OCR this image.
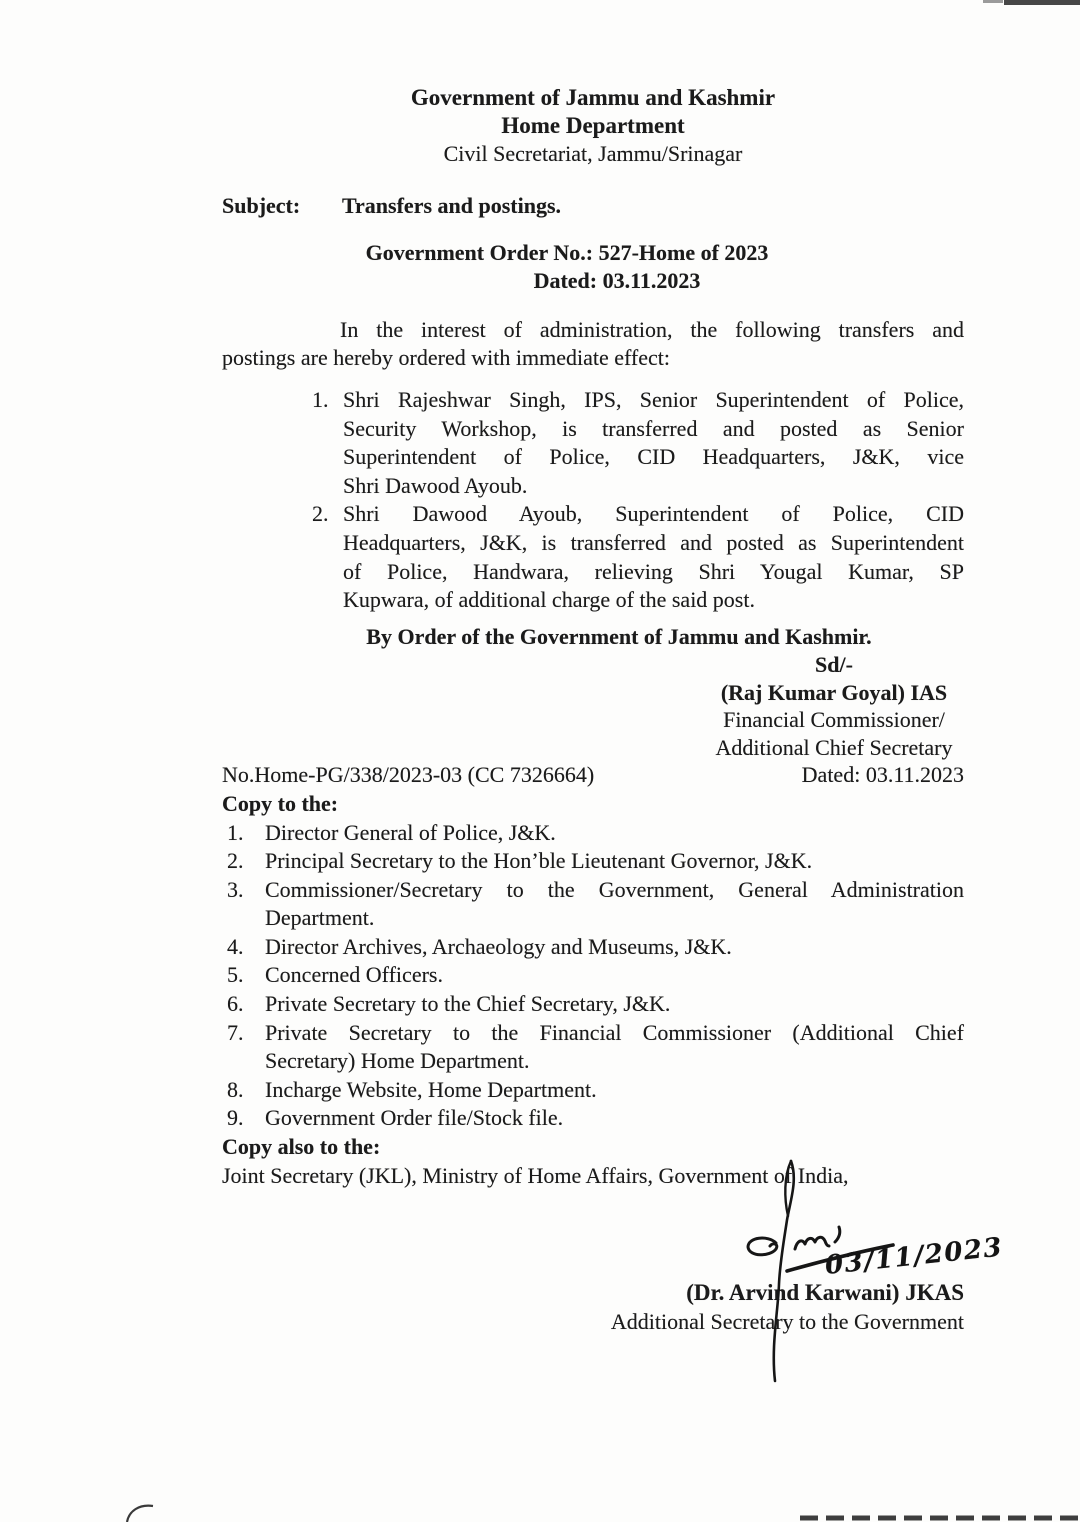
Government of Jammu and Kashmir
Home Department
Civil Secretariat, Jammu/Srinagar
Subject:	Transfers and postings.
Government Order No.: 527-Home of 2023
Dated: 03.11.2023
In the interest of administration, the following transfers and
postings are hereby ordered with immediate effect:
1. Shri Rajeshwar Singh, IPS, Senior Superintendent of Police,
Security Workshop, is transferred and posted as Senior
Superintendent of Police, CID Headquarters, J&K, vice
Shri Dawood Ayoub.
2. Shri Dawood Ayoub, Superintendent of Police, CID
Headquarters, J&K, is transferred and posted as Superintendent
of Police, Handwara, relieving Shri Yougal Kumar, SP
Kupwara, of additional charge of the said post.
By Order of the Government of Jammu and Kashmir.
Sd/-
(Raj Kumar Goyal) IAS
Financial Commissioner/
Additional Chief Secretary
No.Home-PG/338/2023-03 (CC 7326664)	Dated: 03.11.2023
Copy to the:
1. Director General of Police, J&K.
2. Principal Secretary to the Hon’ble Lieutenant Governor, J&K.
3. Commissioner/Secretary to the Government, General Administration
Department.
4. Director Archives, Archaeology and Museums, J&K.
5. Concerned Officers.
6. Private Secretary to the Chief Secretary, J&K.
7. Private Secretary to the Financial Commissioner (Additional Chief
Secretary) Home Department.
8. Incharge Website, Home Department.
9. Government Order file/Stock file.
Copy also to the:
Joint Secretary (JKL), Ministry of Home Affairs, Government of India,
(Dr. Arvind Karwani) JKAS
Additional Secretary to the Government
03/11/2023
